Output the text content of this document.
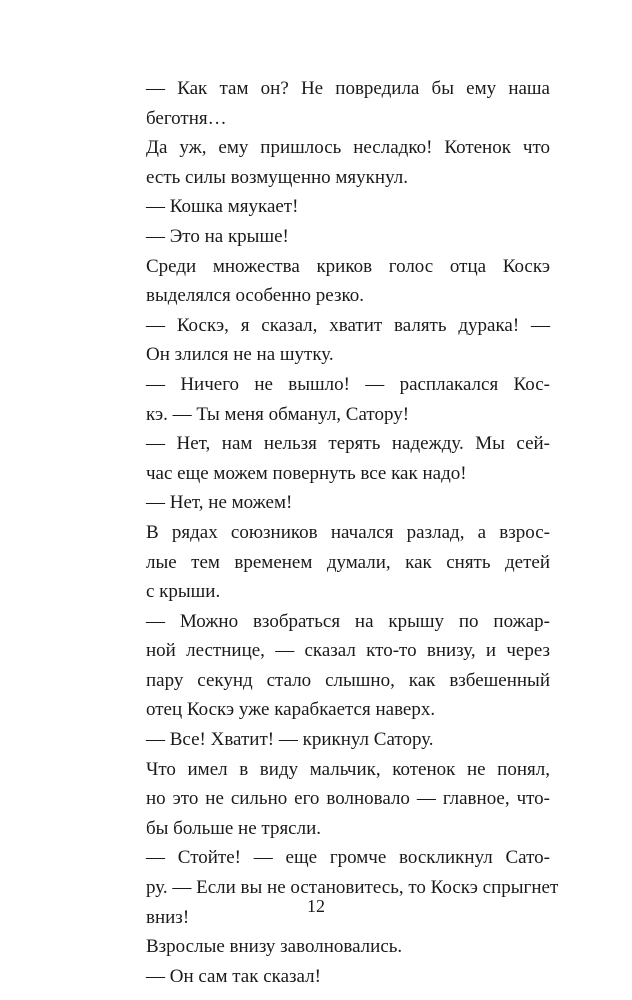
— Как там он? Не повредила бы ему наша
беготня…
Да уж, ему пришлось несладко! Котенок что
есть силы возмущенно мяукнул.
— Кошка мяукает!
— Это на крыше!
Среди множества криков голос отца Коскэ
выделялся особенно резко.
— Коскэ, я сказал, хватит валять дурака! —
Он злился не на шутку.
— Ничего не вышло! — расплакался Кос-
кэ. — Ты меня обманул, Сатору!
— Нет, нам нельзя терять надежду. Мы сей-
час еще можем повернуть все как надо!
— Нет, не можем!
В рядах союзников начался разлад, а взрос-
лые тем временем думали, как снять детей
с крыши.
— Можно взобраться на крышу по пожар-
ной лестнице, — сказал кто-то внизу, и через
пару секунд стало слышно, как взбешенный
отец Коскэ уже карабкается наверх.
— Все! Хватит! — крикнул Сатору.
Что имел в виду мальчик, котенок не понял,
но это не сильно его волновало — главное, что-
бы больше не трясли.
— Стойте! — еще громче воскликнул Сато-
ру. — Если вы не остановитесь, то Коскэ спрыгнет
вниз!
Взрослые внизу заволновались.
— Он сам так сказал!
12
